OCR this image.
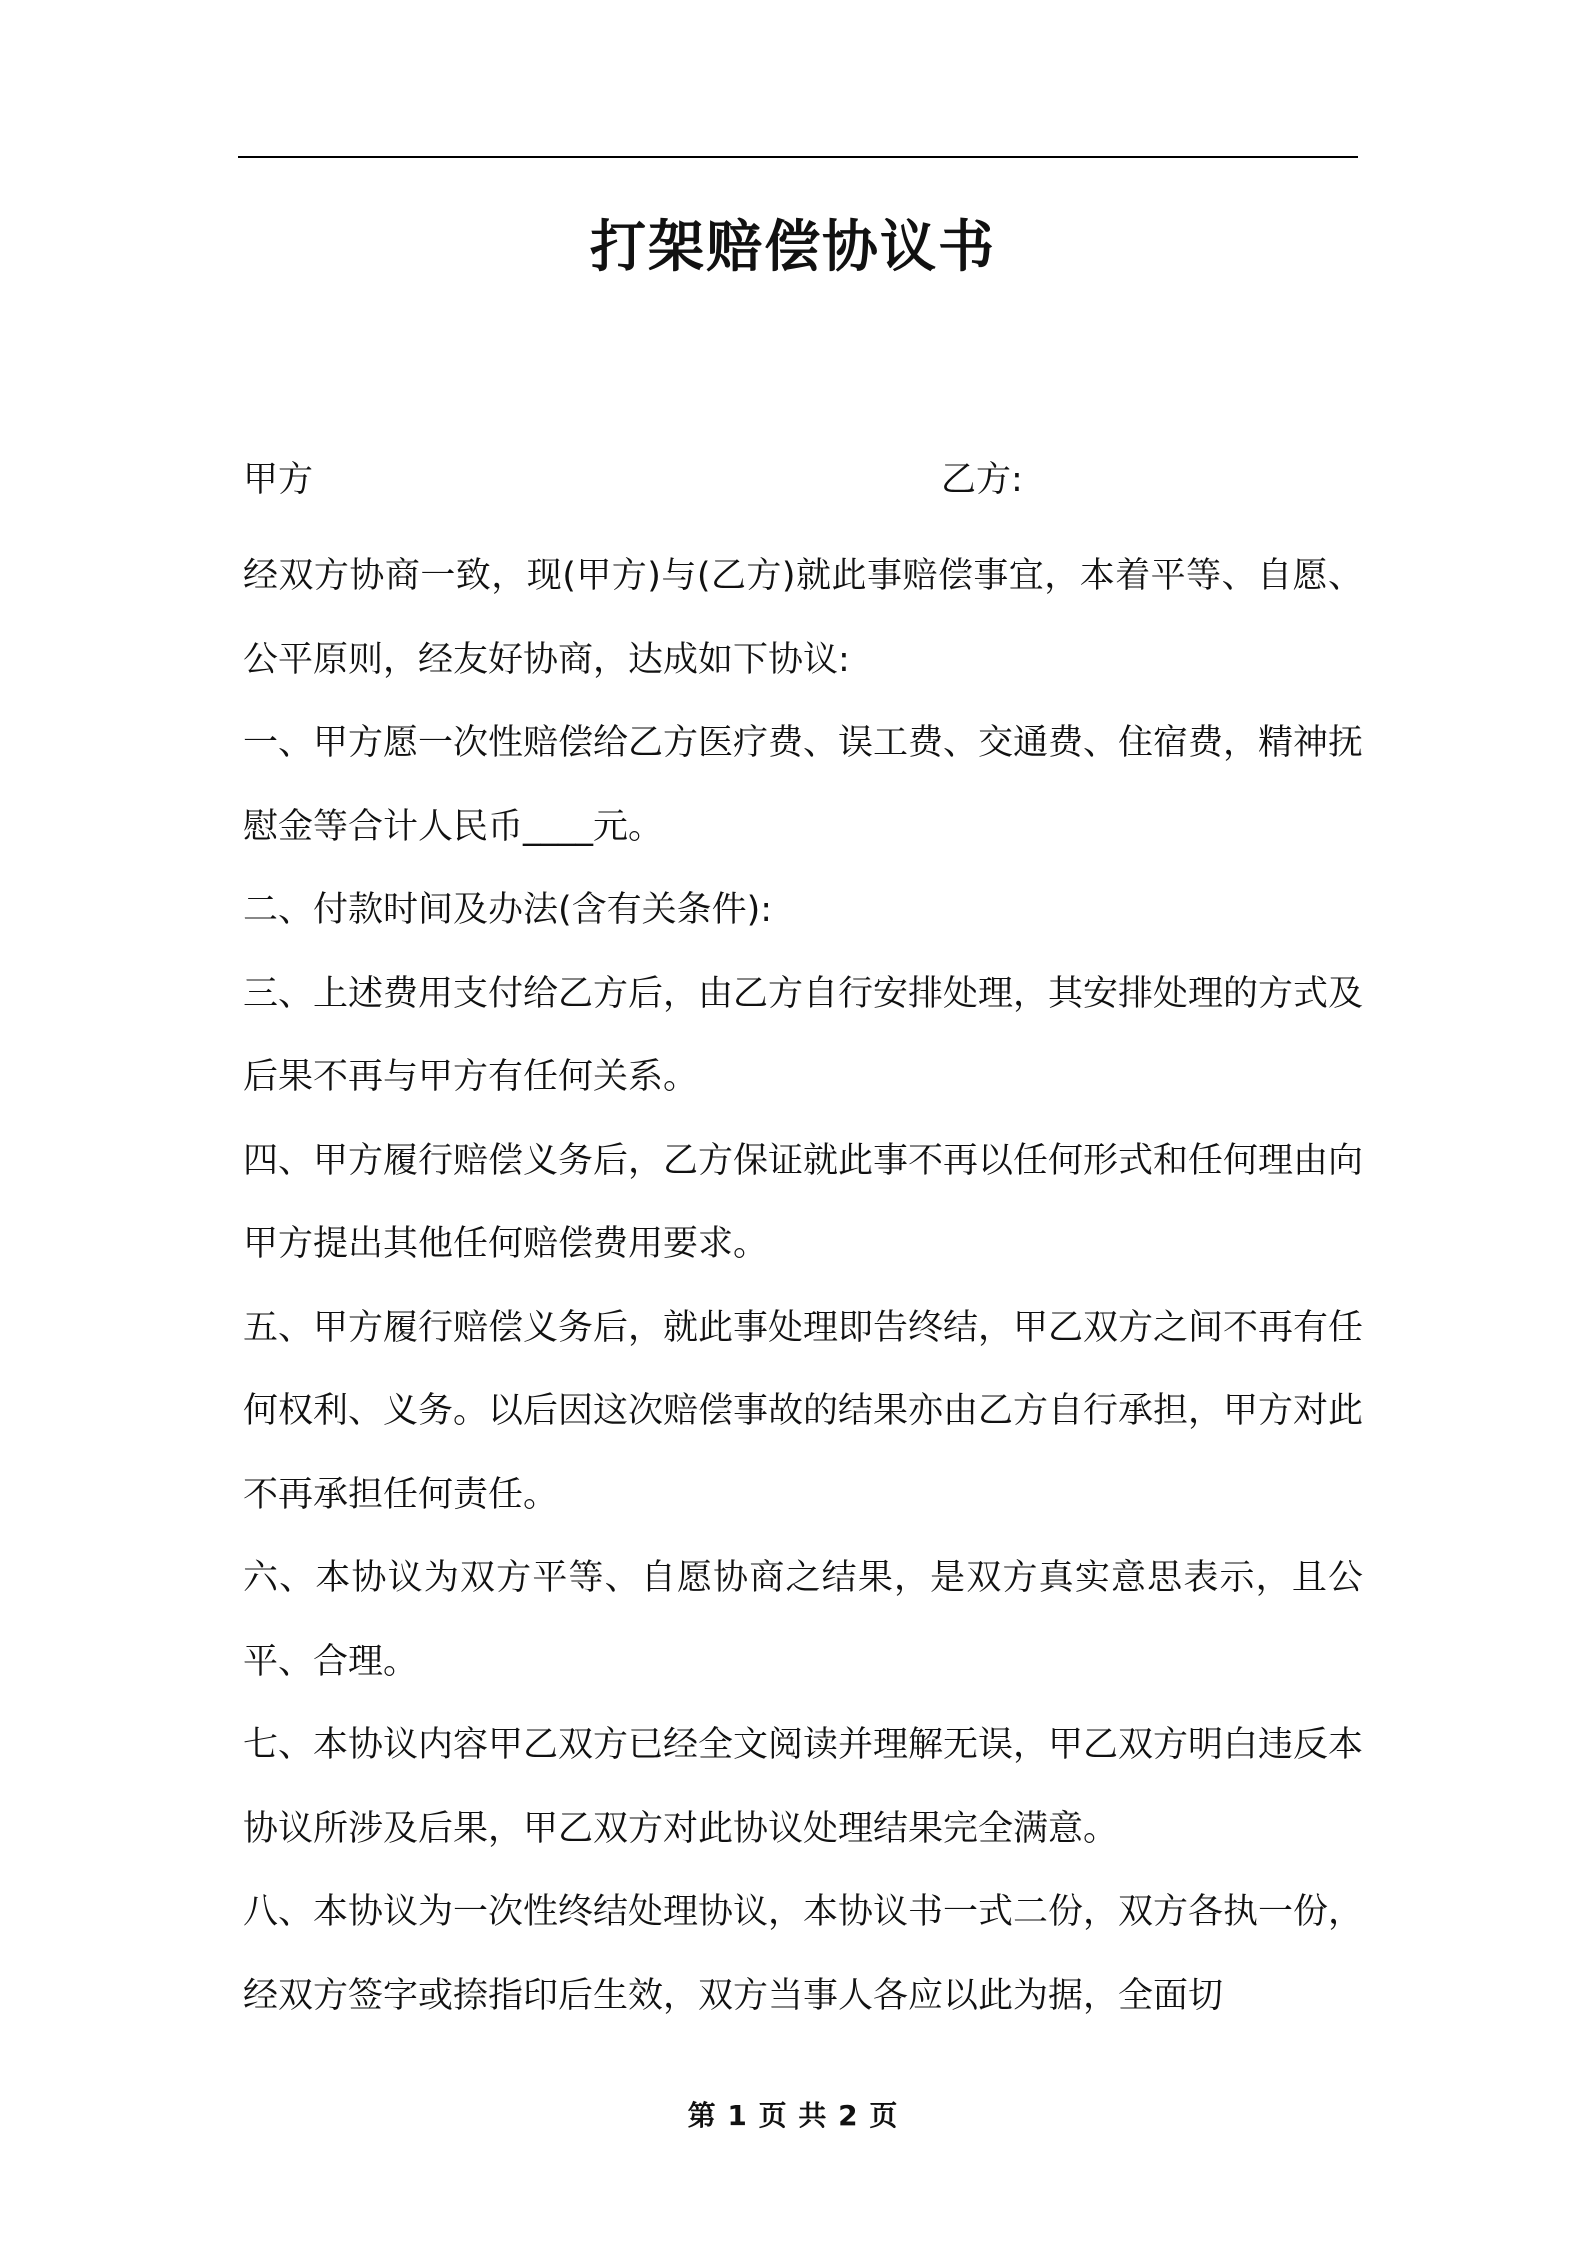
打架赔偿协议书
甲方	乙方:

经双方协商一致，现(甲方)与(乙方)就此事赔偿事宜，本着平等、自愿、公平原则，经友好协商，达成如下协议:

一、甲方愿一次性赔偿给乙方医疗费、误工费、交通费、住宿费，精神抚慰金等合计人民币____元。

二、付款时间及办法(含有关条件):

三、上述费用支付给乙方后，由乙方自行安排处理，其安排处理的方式及后果不再与甲方有任何关系。

四、甲方履行赔偿义务后，乙方保证就此事不再以任何形式和任何理由向甲方提出其他任何赔偿费用要求。

五、甲方履行赔偿义务后，就此事处理即告终结，甲乙双方之间不再有任何权利、义务。以后因这次赔偿事故的结果亦由乙方自行承担，甲方对此不再承担任何责任。

六、本协议为双方平等、自愿协商之结果，是双方真实意思表示，且公平、合理。

七、本协议内容甲乙双方已经全文阅读并理解无误，甲乙双方明白违反本协议所涉及后果，甲乙双方对此协议处理结果完全满意。

八、本协议为一次性终结处理协议，本协议书一式二份，双方各执一份，经双方签字或捺指印后生效，双方当事人各应以此为据，全面切

第 1 页 共 2 页
